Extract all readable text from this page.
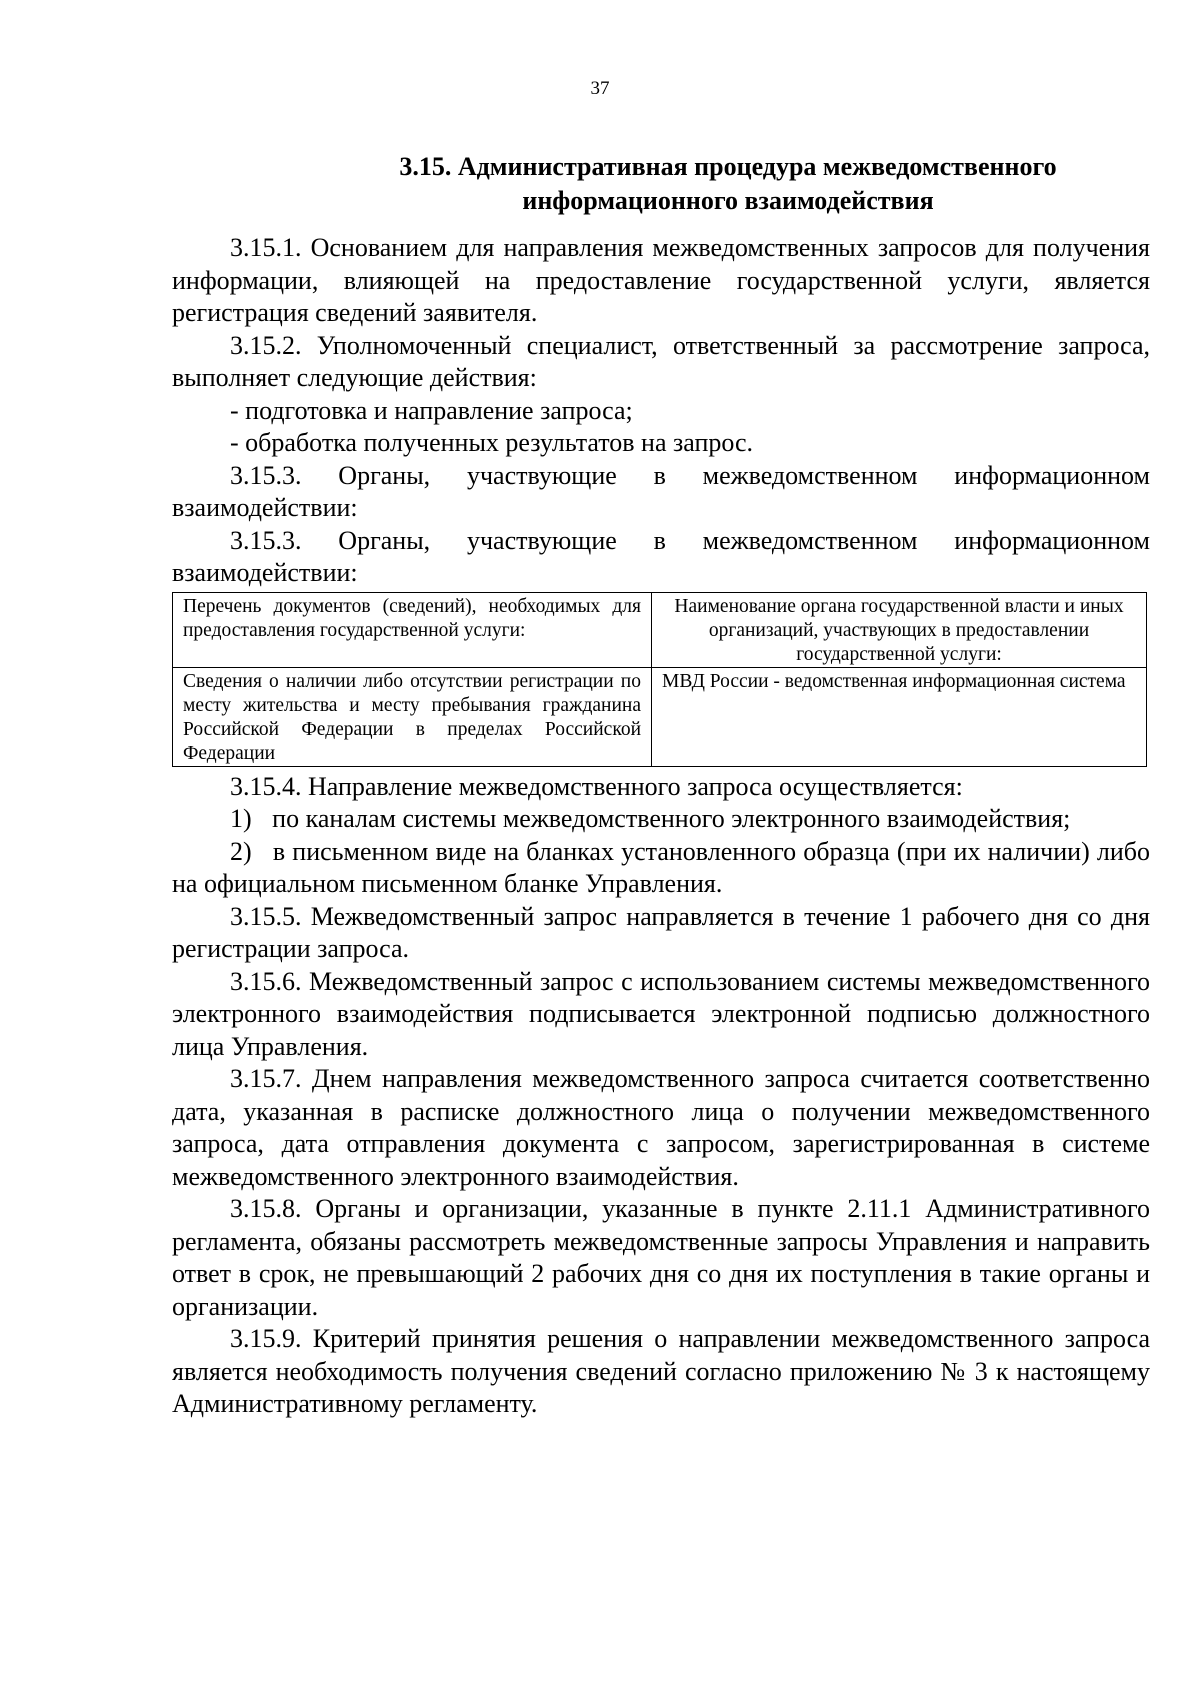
37
3.15. Административная процедура межведомственного
информационного взаимодействия

3.15.1. Основанием для направления межведомственных запросов для получения информации, влияющей на предоставление государственной услуги, является регистрация сведений заявителя.

3.15.2. Уполномоченный специалист, ответственный за рассмотрение запроса, выполняет следующие действия:

- подготовка и направление запроса;

- обработка полученных результатов на запрос.

3.15.3. Органы, участвующие в межведомственном информационном взаимодействии:

3.15.3. Органы, участвующие в межведомственном информационном взаимодействии:

Перечень документов (сведений), необходимых для предоставления государственной услуги:	Наименование органа государственной власти и иных организаций, участвующих в предоставлении государственной услуги:
Сведения о наличии либо отсутствии регистрации по месту жительства и месту пребывания гражданина Российской Федерации в пределах Российской Федерации	МВД России - ведомственная информационная система

3.15.4. Направление межведомственного запроса осуществляется:

1) по каналам системы межведомственного электронного взаимодействия;

2) в письменном виде на бланках установленного образца (при их наличии) либо на официальном письменном бланке Управления.

3.15.5. Межведомственный запрос направляется в течение 1 рабочего дня со дня регистрации запроса.

3.15.6. Межведомственный запрос с использованием системы межведомственного электронного взаимодействия подписывается электронной подписью должностного лица Управления.

3.15.7. Днем направления межведомственного запроса считается соответственно дата, указанная в расписке должностного лица о получении межведомственного запроса, дата отправления документа с запросом, зарегистрированная в системе межведомственного электронного взаимодействия.

3.15.8. Органы и организации, указанные в пункте 2.11.1 Административного регламента, обязаны рассмотреть межведомственные запросы Управления и направить ответ в срок, не превышающий 2 рабочих дня со дня их поступления в такие органы и организации.

3.15.9. Критерий принятия решения о направлении межведомственного запроса является необходимость получения сведений согласно приложению № 3 к настоящему Административному регламенту.
